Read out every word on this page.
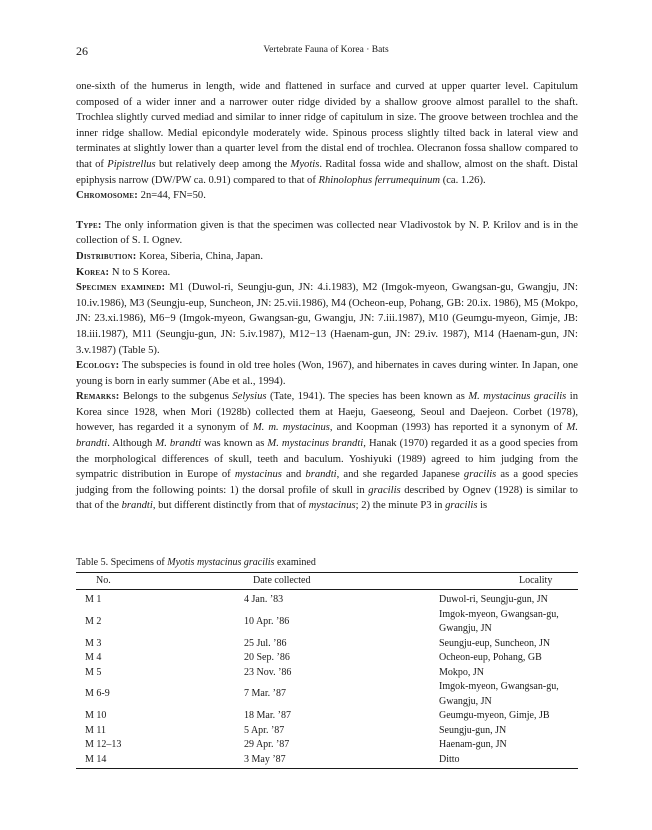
26	Vertebrate Fauna of Korea · Bats

one-sixth of the humerus in length, wide and flattened in surface and curved at upper quarter level. Capitulum composed of a wider inner and a narrower outer ridge divided by a shallow groove almost parallel to the shaft. Trochlea slightly curved mediad and similar to inner ridge of capitulum in size. The groove between trochlea and the inner ridge shallow. Medial epicondyle moderately wide. Spinous process slightly tilted back in lateral view and terminates at slightly lower than a quarter level from the distal end of trochlea. Olecranon fossa shallow compared to that of Pipistrellus but relatively deep among the Myotis. Radital fossa wide and shallow, almost on the shaft. Distal epiphysis narrow (DW/PW ca. 0.91) compared to that of Rhinolophus ferrumequinum (ca. 1.26).

Chromosome: 2n=44, FN=50.

Type: The only information given is that the specimen was collected near Vladivostok by N. P. Krilov and is in the collection of S. I. Ognev.

Distribution: Korea, Siberia, China, Japan.

Korea: N to S Korea.

Specimen examined: M1 (Duwol-ri, Seungju-gun, JN: 4.i.1983), M2 (Imgok-myeon, Gwangsan-gu, Gwangju, JN: 10.iv.1986), M3 (Seungju-eup, Suncheon, JN: 25.vii.1986), M4 (Ocheon-eup, Pohang, GB: 20.ix. 1986), M5 (Mokpo, JN: 23.xi.1986), M6−9 (Imgok-myeon, Gwangsan-gu, Gwangju, JN: 7.iii.1987), M10 (Geumgu-myeon, Gimje, JB: 18.iii.1987), M11 (Seungju-gun, JN: 5.iv.1987), M12−13 (Haenam-gun, JN: 29.iv. 1987), M14 (Haenam-gun, JN: 3.v.1987) (Table 5).

Ecology: The subspecies is found in old tree holes (Won, 1967), and hibernates in caves during winter. In Japan, one young is born in early summer (Abe et al., 1994).

Remarks: Belongs to the subgenus Selysius (Tate, 1941). The species has been known as M. mystacinus gracilis in Korea since 1928, when Mori (1928b) collected them at Haeju, Gaeseong, Seoul and Daejeon. Corbet (1978), however, has regarded it a synonym of M. m. mystacinus, and Koopman (1993) has reported it a synonym of M. brandti. Although M. brandti was known as M. mystacinus brandti, Hanak (1970) regarded it as a good species from the morphological differences of skull, teeth and baculum. Yoshiyuki (1989) agreed to him judging from the sympatric distribution in Europe of mystacinus and brandti, and she regarded Japanese gracilis as a good species judging from the following points: 1) the dorsal profile of skull in gracilis described by Ognev (1928) is similar to that of the brandti, but different distinctly from that of mystacinus; 2) the minute P3 in gracilis is

Table 5. Specimens of Myotis mystacinus gracilis examined

No.	Date collected	Locality
M 1	4 Jan. ’83	Duwol-ri, Seungju-gun, JN
M 2	10 Apr. ’86	Imgok-myeon, Gwangsan-gu, Gwangju, JN
M 3	25 Jul. ’86	Seungju-eup, Suncheon, JN
M 4	20 Sep. ’86	Ocheon-eup, Pohang, GB
M 5	23 Nov. ’86	Mokpo, JN
M 6-9	7 Mar. ’87	Imgok-myeon, Gwangsan-gu, Gwangju, JN
M 10	18 Mar. ’87	Geumgu-myeon, Gimje, JB
M 11	5 Apr. ’87	Seungju-gun, JN
M 12–13	29 Apr. ’87	Haenam-gun, JN
M 14	3 May ’87	Ditto
